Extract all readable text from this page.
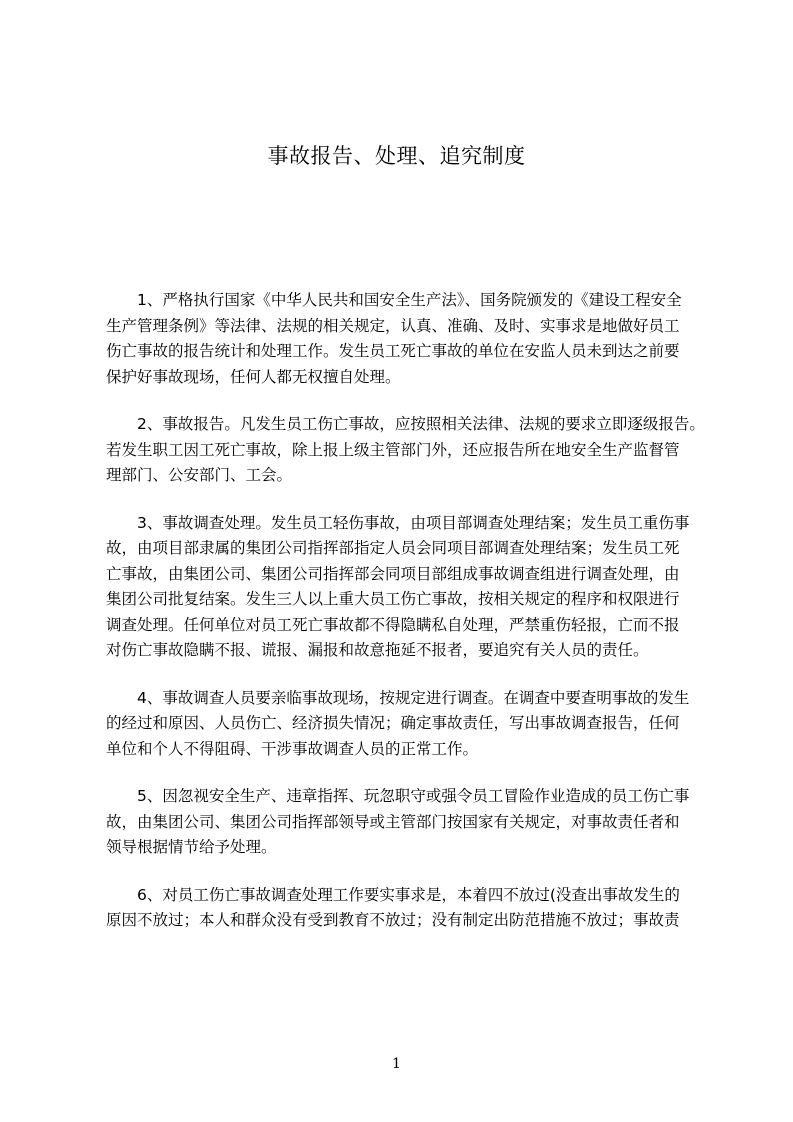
事故报告、处理、追究制度
1、严格执行国家《中华人民共和国安全生产法》、国务院颁发的《建设工程安全
生产管理条例》等法律、法规的相关规定，认真、准确、及时、实事求是地做好员工
伤亡事故的报告统计和处理工作。发生员工死亡事故的单位在安监人员未到达之前要
保护好事故现场，任何人都无权擅自处理。
2、事故报告。凡发生员工伤亡事故，应按照相关法律、法规的要求立即逐级报告。
若发生职工因工死亡事故，除上报上级主管部门外，还应报告所在地安全生产监督管
理部门、公安部门、工会。
3、事故调查处理。发生员工轻伤事故，由项目部调查处理结案；发生员工重伤事
故，由项目部隶属的集团公司指挥部指定人员会同项目部调查处理结案；发生员工死
亡事故，由集团公司、集团公司指挥部会同项目部组成事故调查组进行调查处理，由
集团公司批复结案。发生三人以上重大员工伤亡事故，按相关规定的程序和权限进行
调查处理。任何单位对员工死亡事故都不得隐瞒私自处理，严禁重伤轻报，亡而不报
对伤亡事故隐瞒不报、谎报、漏报和故意拖延不报者，要追究有关人员的责任。
4、事故调查人员要亲临事故现场，按规定进行调查。在调查中要查明事故的发生
的经过和原因、人员伤亡、经济损失情况；确定事故责任，写出事故调查报告，任何
单位和个人不得阻碍、干涉事故调查人员的正常工作。
5、因忽视安全生产、违章指挥、玩忽职守或强令员工冒险作业造成的员工伤亡事
故，由集团公司、集团公司指挥部领导或主管部门按国家有关规定，对事故责任者和
领导根据情节给予处理。
6、对员工伤亡事故调查处理工作要实事求是，本着四不放过(没查出事故发生的
原因不放过；本人和群众没有受到教育不放过；没有制定出防范措施不放过；事故责
1
